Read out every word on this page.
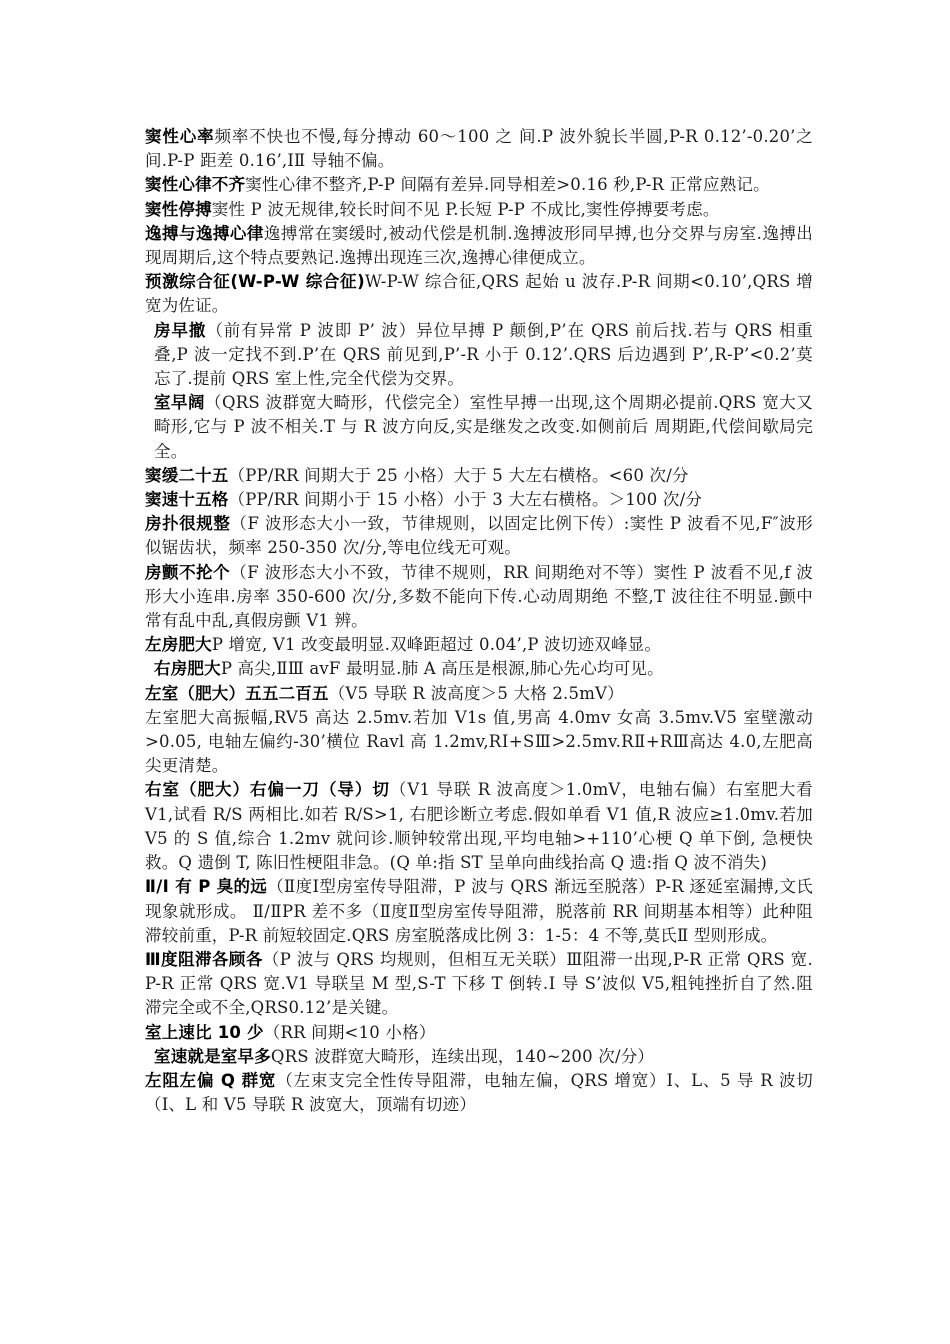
窦性心率频率不快也不慢,每分搏动 60～100 之 间.P 波外貌长半圆,P-R 0.12’-0.20’之间.P-P 距差 0.16’,ⅠⅡ 导轴不偏。

窦性心律不齐窦性心律不整齐,P-P 间隔有差异.同导相差>0.16 秒,P-R 正常应熟记。

窦性停搏窦性 P 波无规律,较长时间不见 P.长短 P-P 不成比,窦性停搏要考虑。

逸搏与逸搏心律逸搏常在窦缓时,被动代偿是机制.逸搏波形同早搏,也分交界与房室.逸搏出现周期后,这个特点要熟记.逸搏出现连三次,逸搏心律便成立。

预激综合征(W-P-W 综合征)W-P-W 综合征,QRS 起始 u 波存.P-R 间期<0.10’,QRS 增宽为佐证。

房早撤（前有异常 P 波即 P’ 波）异位早搏 P 颠倒,P’在 QRS 前后找.若与 QRS 相重叠,P 波一定找不到.P’在 QRS 前见到,P’-R 小于 0.12’.QRS 后边遇到 P’,R-P’<0.2’莫忘了.提前 QRS 室上性,完全代偿为交界。

室早阔（QRS 波群宽大畸形，代偿完全）室性早搏一出现,这个周期必提前.QRS 宽大又畸形,它与 P 波不相关.T 与 R 波方向反,实是继发之改变.如侧前后 周期距,代偿间歇局完全。

窦缓二十五（PP/RR 间期大于 25 小格）大于 5 大左右横格。<60 次/分

窦速十五格（PP/RR 间期小于 15 小格）小于 3 大左右横格。＞100 次/分

房扑很规整（F 波形态大小一致，节律规则，以固定比例下传）:窦性 P 波看不见,F″波形似锯齿状，频率 250-350 次/分,等电位线无可观。

房颤不抡个（F 波形态大小不致，节律不规则，RR 间期绝对不等）窦性 P 波看不见,f 波形大小连串.房率 350-600 次/分,多数不能向下传.心动周期绝 不整,T 波往往不明显.颤中常有乱中乱,真假房颤 V1 辨。

左房肥大P 增宽, V1 改变最明显.双峰距超过 0.04’,P 波切迹双峰显。

右房肥大P 高尖,ⅡⅢ avF 最明显.肺 A 高压是根源,肺心先心均可见。

左室（肥大）五五二百五（V5 导联 R 波高度＞5 大格 2.5mV）
左室肥大高振幅,RV5 高达 2.5mv.若加 V1s 值,男高 4.0mv 女高 3.5mv.V5 室壁激动>0.05, 电轴左偏约-30’横位 Ravl 高 1.2mv,RⅠ+SⅢ>2.5mv.RⅡ+RⅢ高达 4.0,左肥高尖更清楚。

右室（肥大）右偏一刀（导）切（V1 导联 R 波高度＞1.0mV，电轴右偏）右室肥大看 V1,试看 R/S 两相比.如若 R/S>1, 右肥诊断立考虑.假如单看 V1 值,R 波应≥1.0mv.若加 V5 的 S 值,综合 1.2mv 就问诊.顺钟较常出现,平均电轴>+110’心梗 Q 单下倒, 急梗快救。Q 遗倒 T, 陈旧性梗阻非急。(Q 单:指 ST 呈单向曲线抬高 Q 遗:指 Q 波不消失)

Ⅱ/Ⅰ 有 P 臭的远（Ⅱ度Ⅰ型房室传导阻滞，P 波与 QRS 渐远至脱落）P-R 逐延室漏搏,文氏现象就形成。 Ⅱ/ⅡPR 差不多（Ⅱ度Ⅱ型房室传导阻滞，脱落前 RR 间期基本相等）此种阻滞较前重，P-R 前短较固定.QRS 房室脱落成比例 3：1-5：4 不等,莫氏Ⅱ 型则形成。

Ⅲ度阻滞各顾各（P 波与 QRS 均规则，但相互无关联）Ⅲ阻滞一出现,P-R 正常 QRS 宽. P-R 正常 QRS 宽.V1 导联呈 M 型,S-T 下移 T 倒转.Ⅰ 导 S’波似 V5,粗钝挫折自了然.阻滞完全或不全,QRS0.12’是关键。

室上速比 10 少（RR 间期<10 小格）

室速就是室早多QRS 波群宽大畸形，连续出现，140~200 次/分）

左阻左偏 Q 群宽（左束支完全性传导阻滞，电轴左偏，QRS 增宽）Ⅰ、L、5 导 R 波切（Ⅰ、L 和 V5 导联 R 波宽大，顶端有切迹）
